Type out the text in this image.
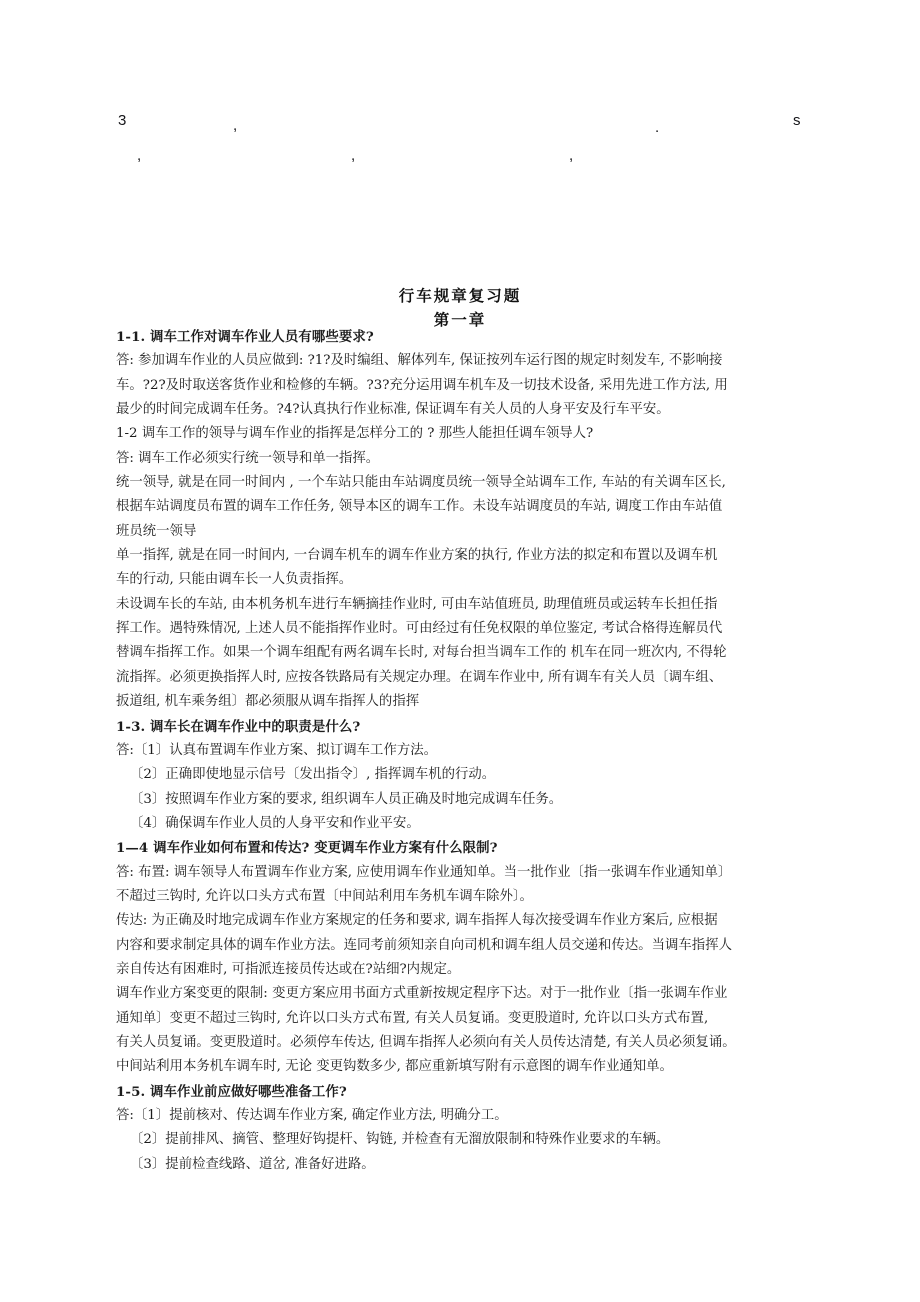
3	,	.	s
,	,	,
行车规章复习题
第一章

1-1. 调车工作对调车作业人员有哪些要求?

答: 参加调车作业的人员应做到: ?1?及时编组、解体列车, 保证按列车运行图的规定时刻发车, 不影响接

车。?2?及时取送客货作业和检修的车辆。?3?充分运用调车机车及一切技术设备, 采用先进工作方法, 用

最少的时间完成调车任务。?4?认真执行作业标准, 保证调车有关人员的人身平安及行车平安。

1-2 调车工作的领导与调车作业的指挥是怎样分工的 ? 那些人能担任调车领导人?

答: 调车工作必须实行统一领导和单一指挥。

统一领导, 就是在同一时间内 , 一个车站只能由车站调度员统一领导全站调车工作, 车站的有关调车区长,

根据车站调度员布置的调车工作任务, 领导本区的调车工作。未设车站调度员的车站, 调度工作由车站值

班员统一领导

单一指挥, 就是在同一时间内, 一台调车机车的调车作业方案的执行, 作业方法的拟定和布置以及调车机

车的行动, 只能由调车长一人负责指挥。

未设调车长的车站, 由本机务机车进行车辆摘挂作业时, 可由车站值班员, 助理值班员或运转车长担任指

挥工作。遇特殊情况, 上述人员不能指挥作业时。可由经过有任免权限的单位鉴定, 考试合格得连解员代

替调车指挥工作。如果一个调车组配有两名调车长时, 对每台担当调车工作的 机车在同一班次内, 不得轮

流指挥。必须更换指挥人时, 应按各铁路局有关规定办理。在调车作业中, 所有调车有关人员〔调车组、

扳道组, 机车乘务组〕都必须服从调车指挥人的指挥

1-3. 调车长在调车作业中的职责是什么?

答:〔1〕认真布置调车作业方案、拟订调车工作方法。

〔2〕正确即使地显示信号〔发出指令〕, 指挥调车机的行动。

〔3〕按照调车作业方案的要求, 组织调车人员正确及时地完成调车任务。

〔4〕确保调车作业人员的人身平安和作业平安。

1—4 调车作业如何布置和传达? 变更调车作业方案有什么限制?

答: 布置: 调车领导人布置调车作业方案, 应使用调车作业通知单。当一批作业〔指一张调车作业通知单〕

不超过三钩时, 允许以口头方式布置〔中间站利用车务机车调车除外〕。

传达: 为正确及时地完成调车作业方案规定的任务和要求, 调车指挥人每次接受调车作业方案后, 应根据

内容和要求制定具体的调车作业方法。连同考前须知亲自向司机和调车组人员交递和传达。当调车指挥人

亲自传达有困难时, 可指派连接员传达或在?站细?内规定。

调车作业方案变更的限制: 变更方案应用书面方式重新按规定程序下达。对于一批作业〔指一张调车作业

通知单〕变更不超过三钩时, 允许以口头方式布置, 有关人员复诵。变更股道时, 允许以口头方式布置,

有关人员复诵。变更股道时。必须停车传达, 但调车指挥人必须向有关人员传达清楚, 有关人员必须复诵。

中间站利用本务机车调车时, 无论 变更钩数多少, 都应重新填写附有示意图的调车作业通知单。

1-5. 调车作业前应做好哪些准备工作?

答:〔1〕提前核对、传达调车作业方案, 确定作业方法, 明确分工。

〔2〕提前排风、摘管、整理好钩提杆、钩链, 并检查有无溜放限制和特殊作业要求的车辆。

〔3〕提前检查线路、道岔, 准备好进路。
